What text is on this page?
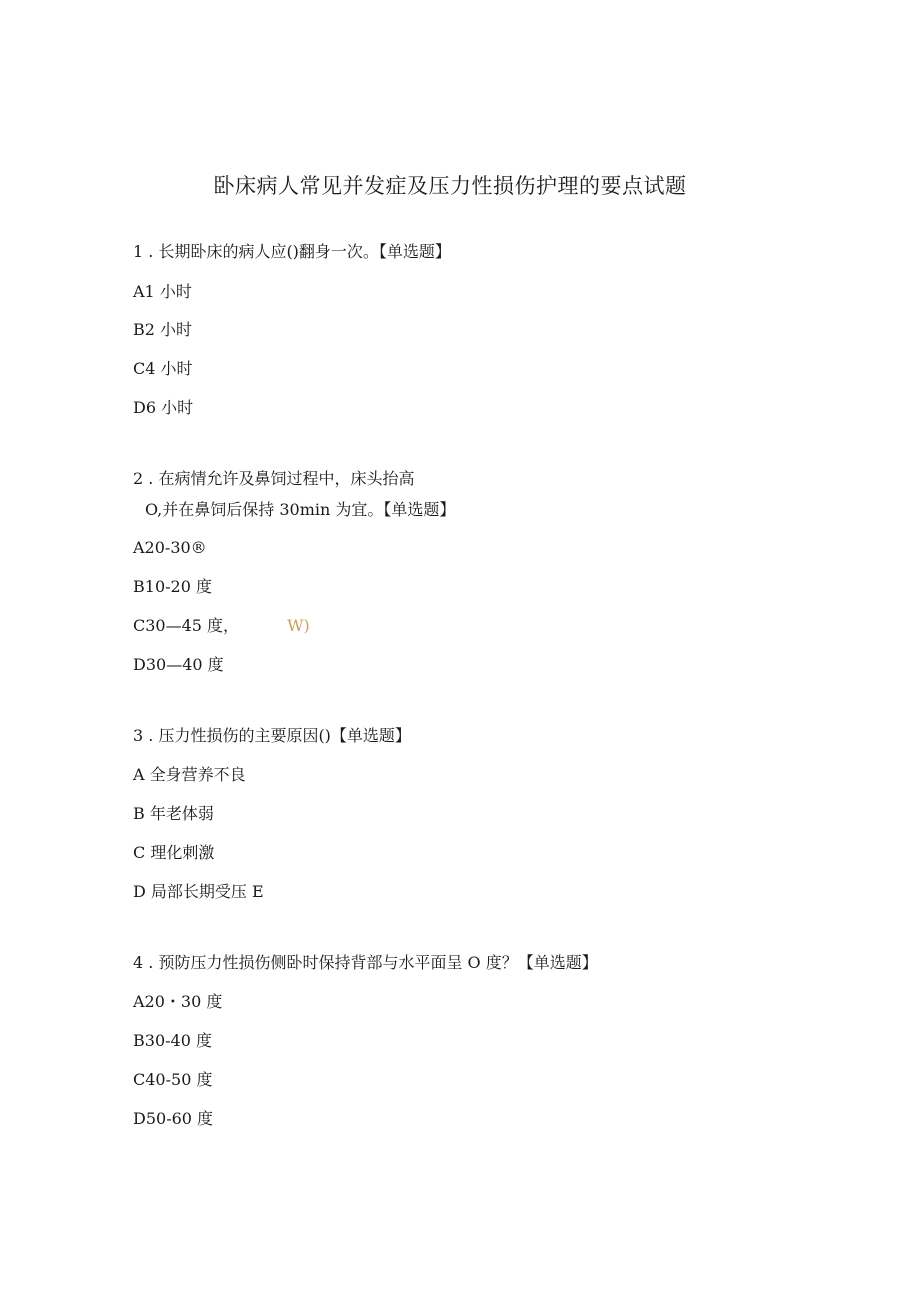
卧床病人常见并发症及压力性损伤护理的要点试题
1 . 长期卧床的病人应()翻身一次。【单选题】
A1 小时
B2 小时
C4 小时
D6 小时
2 . 在病情允许及鼻饲过程中，床头抬高
O,并在鼻饲后保持 30min 为宜。【单选题】
A20-30®
B10-20 度
C30—45 度，	W)
D30—40 度
3 . 压力性损伤的主要原因()【单选题】
A 全身营养不良
B 年老体弱
C 理化刺激
D 局部长期受压 E
4 . 预防压力性损伤侧卧时保持背部与水平面呈 O 度？【单选题】
A20・30 度
B30-40 度
C40-50 度
D50-60 度
